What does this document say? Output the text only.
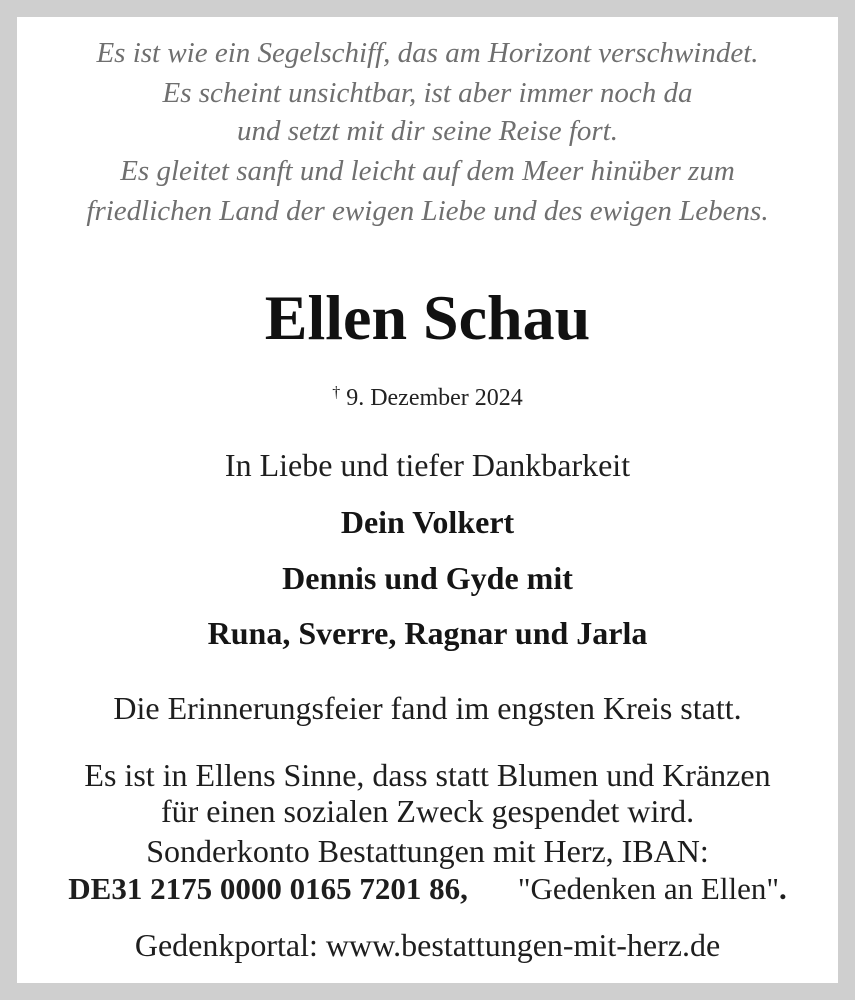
Es ist wie ein Segelschiff, das am Horizont verschwindet.
Es scheint unsichtbar, ist aber immer noch da
und setzt mit dir seine Reise fort.
Es gleitet sanft und leicht auf dem Meer hinüber zum
friedlichen Land der ewigen Liebe und des ewigen Lebens.
Ellen Schau
† 9. Dezember 2024
In Liebe und tiefer Dankbarkeit
Dein Volkert
Dennis und Gyde mit
Runa, Sverre, Ragnar und Jarla
Die Erinnerungsfeier fand im engsten Kreis statt.
Es ist in Ellens Sinne, dass statt Blumen und Kränzen
für einen sozialen Zweck gespendet wird.
Sonderkonto Bestattungen mit Herz, IBAN:
DE31 2175 0000 0165 7201 86, "Gedenken an Ellen".
Gedenkportal: www.bestattungen-mit-herz.de
